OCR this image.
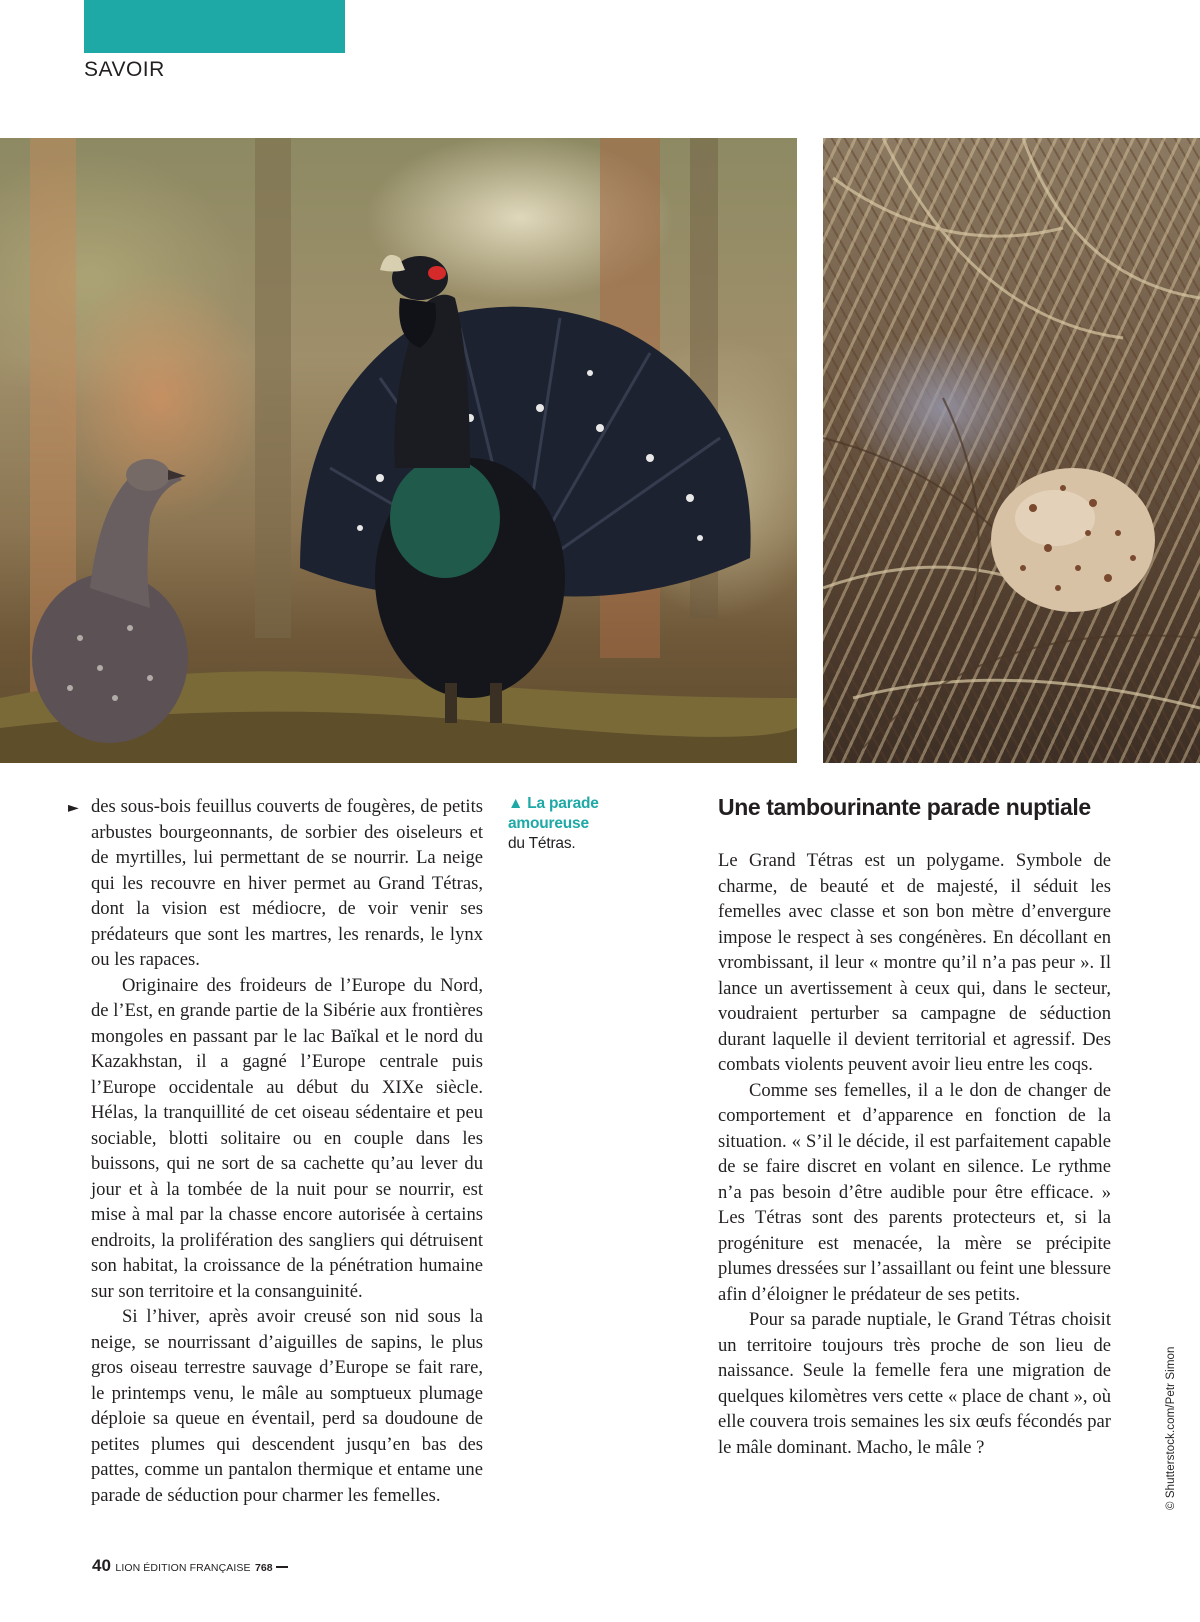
SAVOIR
► des sous-bois feuillus couverts de fougères, de petits arbustes bourgeonnants, de sorbier des oiseleurs et de myrtilles, lui permettant de se nourrir. La neige qui les recouvre en hiver permet au Grand Tétras, dont la vision est médiocre, de voir venir ses prédateurs que sont les martres, les renards, le lynx ou les rapaces.

Originaire des froideurs de l’Europe du Nord, de l’Est, en grande partie de la Sibérie aux frontières mongoles en passant par le lac Baïkal et le nord du Kazakhstan, il a gagné l’Europe centrale puis l’Europe occidentale au début du XIXe siècle. Hélas, la tranquillité de cet oiseau sédentaire et peu sociable, blotti solitaire ou en couple dans les buissons, qui ne sort de sa cachette qu’au lever du jour et à la tombée de la nuit pour se nourrir, est mise à mal par la chasse encore autorisée à certains endroits, la prolifération des sangliers qui détruisent son habitat, la croissance de la pénétration humaine sur son territoire et la consanguinité.

Si l’hiver, après avoir creusé son nid sous la neige, se nourrissant d’aiguilles de sapins, le plus gros oiseau terrestre sauvage d’Europe se fait rare, le printemps venu, le mâle au somptueux plumage déploie sa queue en éventail, perd sa doudoune de petites plumes qui descendent jusqu’en bas des pattes, comme un pantalon thermique et entame une parade de séduction pour charmer les femelles.

▲ La parade amoureuse
du Tétras.
Une tambourinante parade nuptiale

Le Grand Tétras est un polygame. Symbole de charme, de beauté et de majesté, il séduit les femelles avec classe et son bon mètre d’envergure impose le respect à ses congénères. En décollant en vrombissant, il leur « montre qu’il n’a pas peur ». Il lance un avertissement à ceux qui, dans le secteur, voudraient perturber sa campagne de séduction durant laquelle il devient territorial et agressif. Des combats violents peuvent avoir lieu entre les coqs.

Comme ses femelles, il a le don de changer de comportement et d’apparence en fonction de la situation. « S’il le décide, il est parfaitement capable de se faire discret en volant en silence. Le rythme n’a pas besoin d’être audible pour être efficace. » Les Tétras sont des parents protecteurs et, si la progéniture est menacée, la mère se précipite plumes dressées sur l’assaillant ou feint une blessure afin d’éloigner le prédateur de ses petits.

Pour sa parade nuptiale, le Grand Tétras choisit un territoire toujours très proche de son lieu de naissance. Seule la femelle fera une migration de quelques kilomètres vers cette « place de chant », où elle couvera trois semaines les six œufs fécondés par le mâle dominant. Macho, le mâle ?	© Shutterstock.com/Petr Simon
40 LION ÉDITION FRANÇAISE 768
